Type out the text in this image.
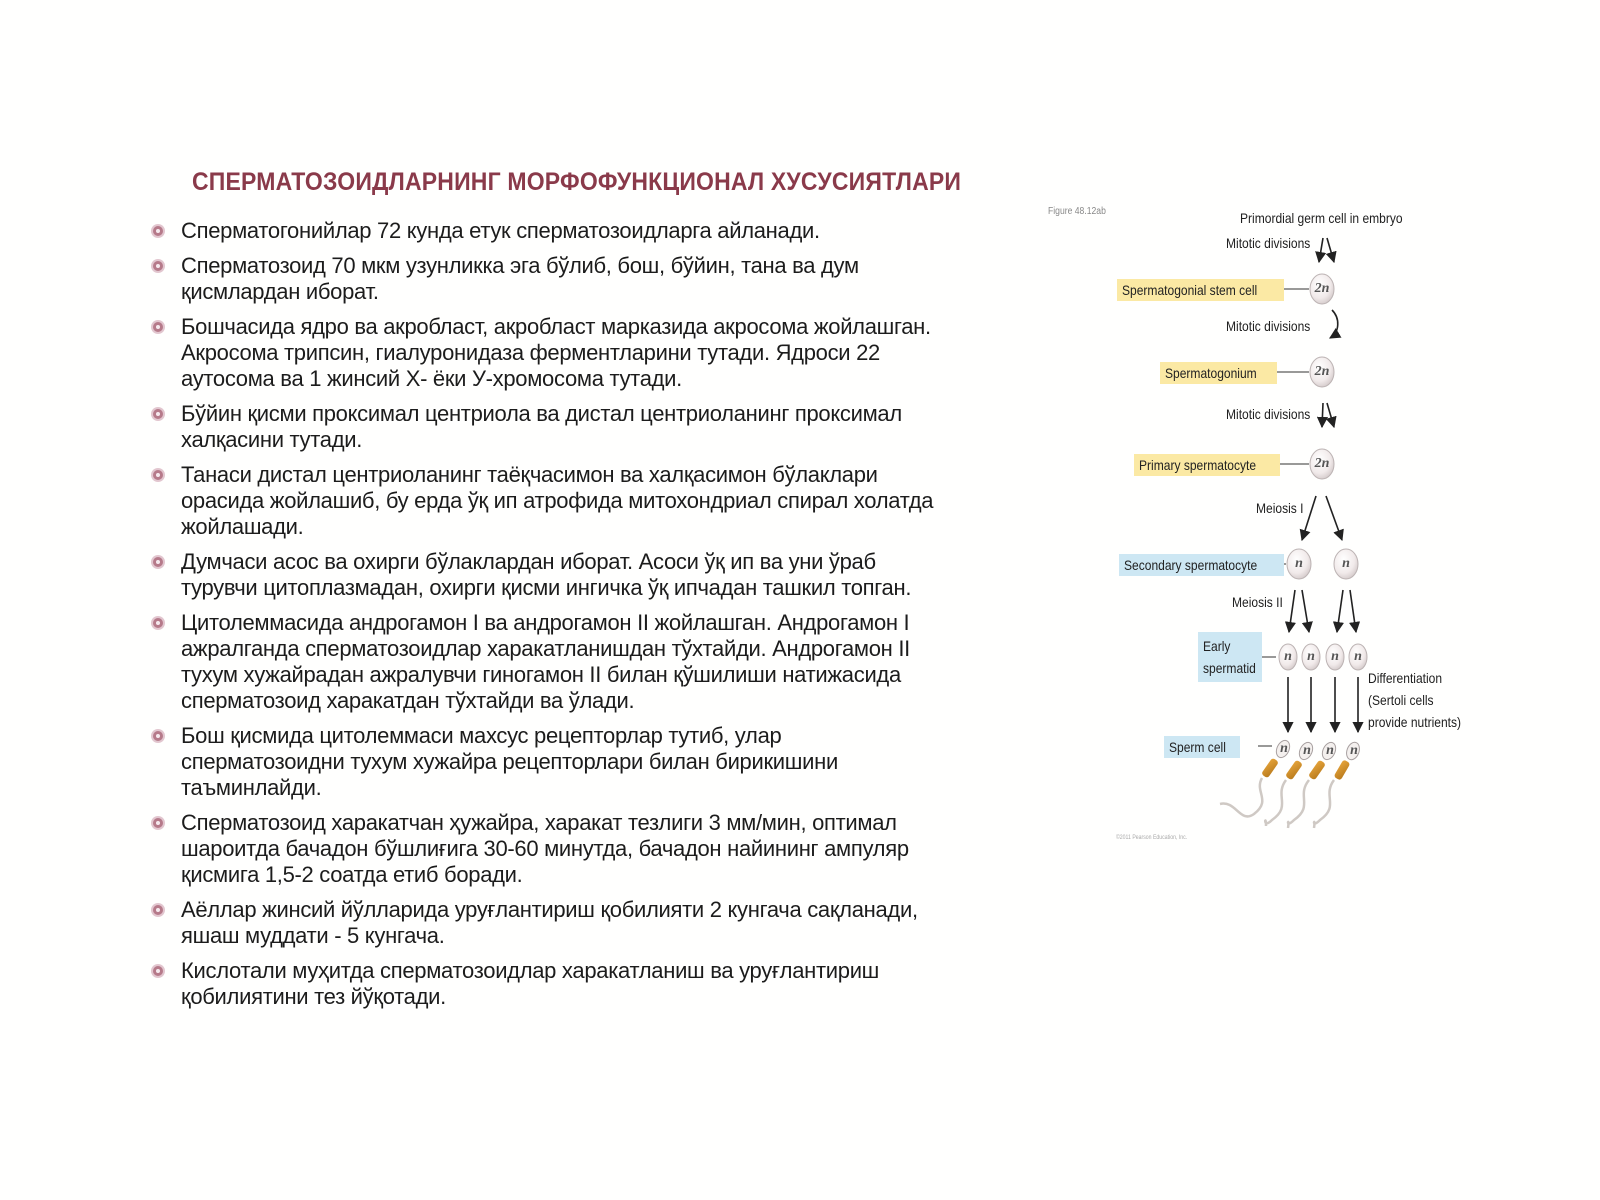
СПЕРМАТОЗОИДЛАРНИНГ МОРФОФУНКЦИОНАЛ ХУСУСИЯТЛАРИ
Сперматогонийлар 72 кунда етук сперматозоидларга айланади.
Сперматозоид 70 мкм узунликка эга бўлиб, бош, бўйин, тана ва дум қисмлардан иборат.
Бошчасида ядро ва акробласт, акробласт марказида акросома жойлашган. Акросома трипсин, гиалуронидаза ферментларини тутади. Ядроси 22 аутосома ва 1 жинсий Х- ёки У-хромосома тутади.
Бўйин қисми проксимал центриола ва дистал центриоланинг проксимал халқасини тутади.
Танаси дистал центриоланинг таёқчасимон ва халқасимон бўлаклари орасида жойлашиб, бу ерда ўқ ип атрофида митохондриал спирал холатда жойлашади.
Думчаси асос ва охирги бўлаклардан иборат. Асоси ўқ ип ва уни ўраб турувчи цитоплазмадан, охирги қисми ингичка ўқ ипчадан ташкил топган.
Цитолеммасида андрогамон I ва андрогамон II жойлашган. Андрогамон I ажралганда сперматозоидлар харакатланишдан тўхтайди. Андрогамон II тухум хужайрадан ажралувчи гиногамон II билан қўшилиши натижасида сперматозоид харакатдан тўхтайди ва ўлади.
Бош қисмида цитолеммаси махсус рецепторлар тутиб, улар сперматозоидни тухум хужайра рецепторлари билан бирикишини таъминлайди.
Сперматозоид харакатчан ҳужайра, харакат тезлиги 3 мм/мин, оптимал шароитда бачадон бўшлиғига 30-60 минутда, бачадон найининг ампуляр қисмига 1,5-2 соатда етиб боради.
Аёллар жинсий йўлларида уруғлантириш қобилияти 2 кунгача сақланади, яшаш муддати - 5 кунгача.
Кислотали муҳитда сперматозоидлар харакатланиш ва уруғлантириш қобилиятини тез йўқотади.
Figure 48.12ab	Primordial germ cell in embryo
Mitotic divisions
Mitotic divisions
Mitotic divisions
Meiosis I
Meiosis II
Spermatogonial stem cell
Spermatogonium
Primary spermatocyte
Secondary spermatocyte
Early spermatid
Sperm cell
Differentiation
(Sertoli cells
provide nutrients)
2n
2n
2n
n	n
n	n	n	n
n	n	n	n
©2011 Pearson Education, Inc.
